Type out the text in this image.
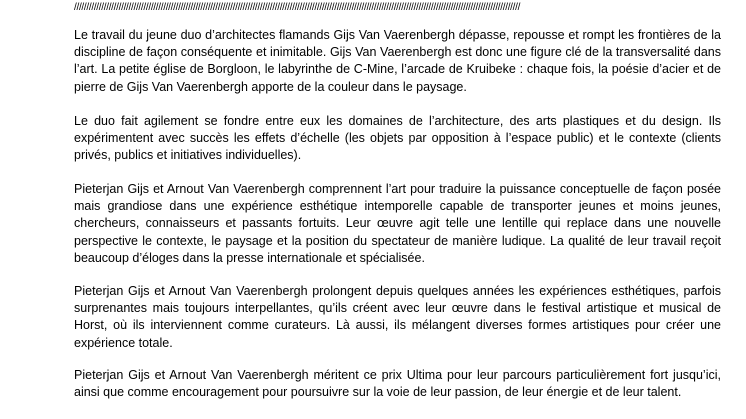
////////////////////////////////////////////////////////////////////////////////////////////////////////////////////////////////////////////////////////////////////////////////////

Le travail du jeune duo d’architectes flamands Gijs Van Vaerenbergh dépasse, repousse et rompt les frontières de la discipline de façon conséquente et inimitable. Gijs Van Vaerenbergh est donc une figure clé de la transversalité dans l’art. La petite église de Borgloon, le labyrinthe de C-Mine, l’arcade de Kruibeke : chaque fois, la poésie d’acier et de pierre de Gijs Van Vaerenbergh apporte de la couleur dans le paysage.

Le duo fait agilement se fondre entre eux les domaines de l’architecture, des arts plastiques et du design. Ils expérimentent avec succès les effets d’échelle (les objets par opposition à l’espace public) et le contexte (clients privés, publics et initiatives individuelles).

Pieterjan Gijs et Arnout Van Vaerenbergh comprennent l’art pour traduire la puissance conceptuelle de façon posée mais grandiose dans une expérience esthétique intemporelle capable de transporter jeunes et moins jeunes, chercheurs, connaisseurs et passants fortuits. Leur œuvre agit telle une lentille qui replace dans une nouvelle perspective le contexte, le paysage et la position du spectateur de manière ludique. La qualité de leur travail reçoit beaucoup d’éloges dans la presse internationale et spécialisée.

Pieterjan Gijs et Arnout Van Vaerenbergh prolongent depuis quelques années les expériences esthétiques, parfois surprenantes mais toujours interpellantes, qu’ils créent avec leur œuvre dans le festival artistique et musical de Horst, où ils interviennent comme curateurs. Là aussi, ils mélangent diverses formes artistiques pour créer une expérience totale.

Pieterjan Gijs et Arnout Van Vaerenbergh méritent ce prix Ultima pour leur parcours particulièrement fort jusqu’ici, ainsi que comme encouragement pour poursuivre sur la voie de leur passion, de leur énergie et de leur talent.
